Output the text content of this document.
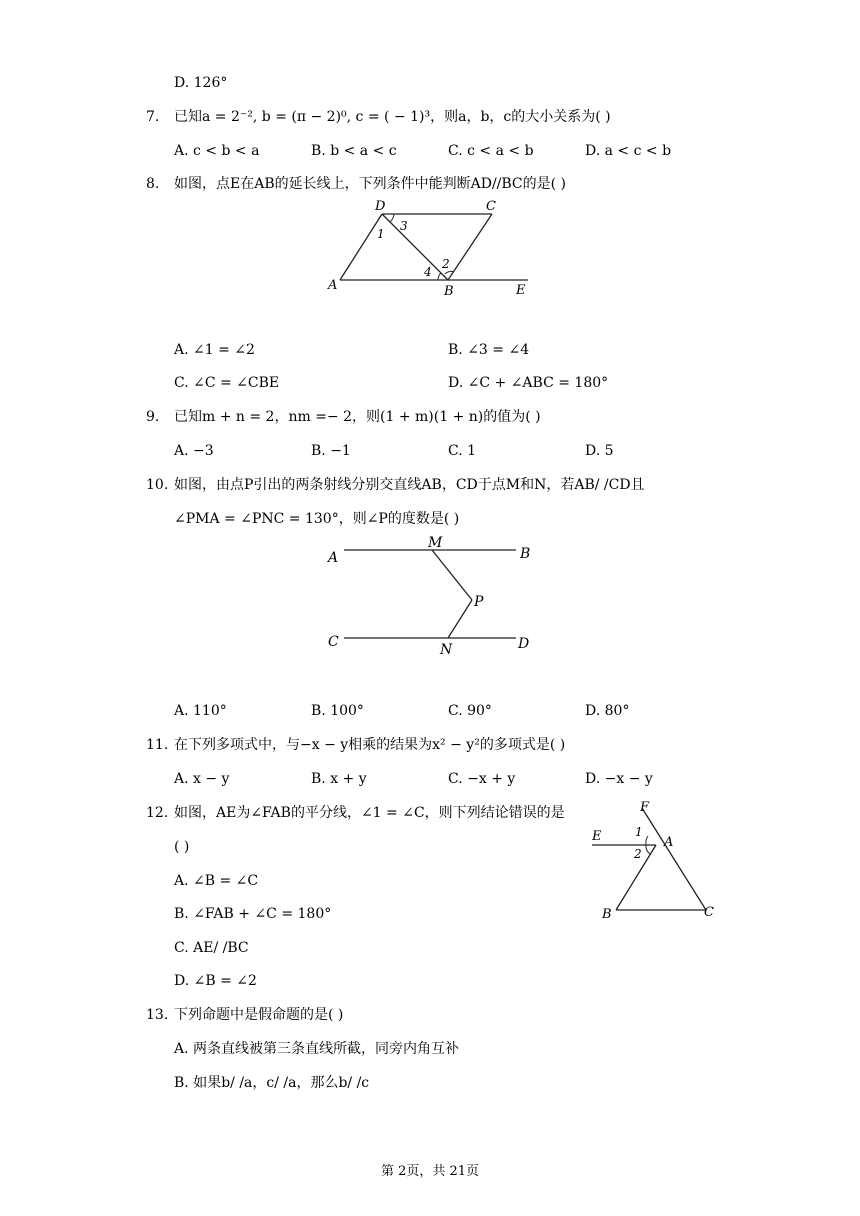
D. 126°
7. 已知a = 2⁻², b = (π − 2)⁰, c = ( − 1)³，则a，b，c的大小关系为( )
A. c < b < a	B. b < a < c	C. c < a < b	D. a < c < b
8. 如图，点E在AB的延长线上，下列条件中能判断AD//BC的是( )
D	C
1
3
2
4
A	B	E
A. ∠1 = ∠2	B. ∠3 = ∠4
C. ∠C = ∠CBE	D. ∠C + ∠ABC = 180°
9. 已知m + n = 2，nm =− 2，则(1 + m)(1 + n)的值为( )
A. −3	B. −1	C. 1	D. 5
10. 如图，由点P引出的两条射线分别交直线AB，CD于点M和N，若AB/ /CD且
∠PMA = ∠PNC = 130°，则∠P的度数是( )
M
A	B
P
C	N	D
A. 110°	B. 100°	C. 90°	D. 80°
11. 在下列多项式中，与−x − y相乘的结果为x² − y²的多项式是( )
A. x − y	B. x + y	C. −x + y	D. −x − y
12. 如图，AE为∠FAB的平分线，∠1 = ∠C，则下列结论错误的是
( )
A. ∠B = ∠C
B. ∠FAB + ∠C = 180°
C. AE/ /BC
D. ∠B = ∠2
F
E	1
A
2
B	C
13. 下列命题中是假命题的是( )
A. 两条直线被第三条直线所截，同旁内角互补
B. 如果b/ /a，c/ /a，那么b/ /c
第 2页，共 21页
